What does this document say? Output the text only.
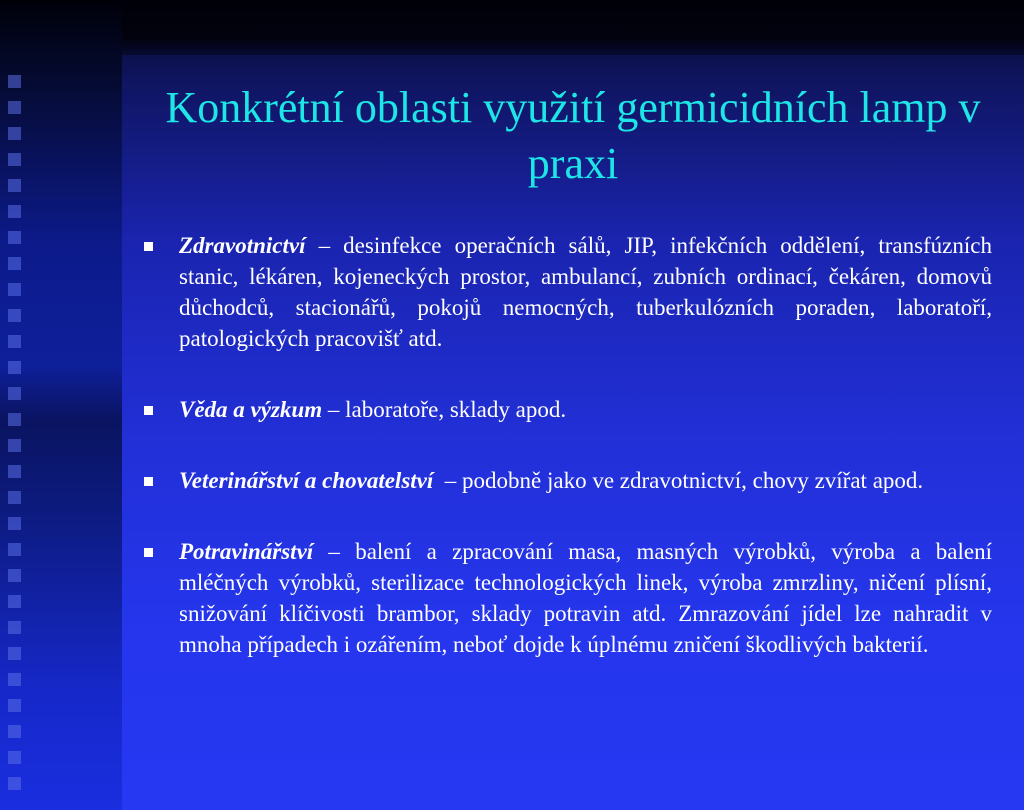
Konkrétní oblasti využití germicidních lamp v praxi
Zdravotnictví – desinfekce operačních sálů, JIP, infekčních oddělení, transfúzních stanic, lékáren, kojeneckých prostor, ambulancí, zubních ordinací, čekáren, domovů důchodců, stacionářů, pokojů nemocných, tuberkulózních poraden, laboratoří, patologických pracovišť atd.
Věda a výzkum – laboratoře, sklady apod.
Veterinářství a chovatelství  – podobně jako ve zdravotnictví, chovy zvířat apod.
Potravinářství – balení a zpracování masa, masných výrobků, výroba a balení mléčných výrobků, sterilizace technologických linek, výroba zmrzliny, ničení plísní, snižování klíčivosti brambor, sklady potravin atd. Zmrazování jídel lze nahradit v mnoha případech i ozářením, neboť dojde k úplnému zničení škodlivých bakterií.
